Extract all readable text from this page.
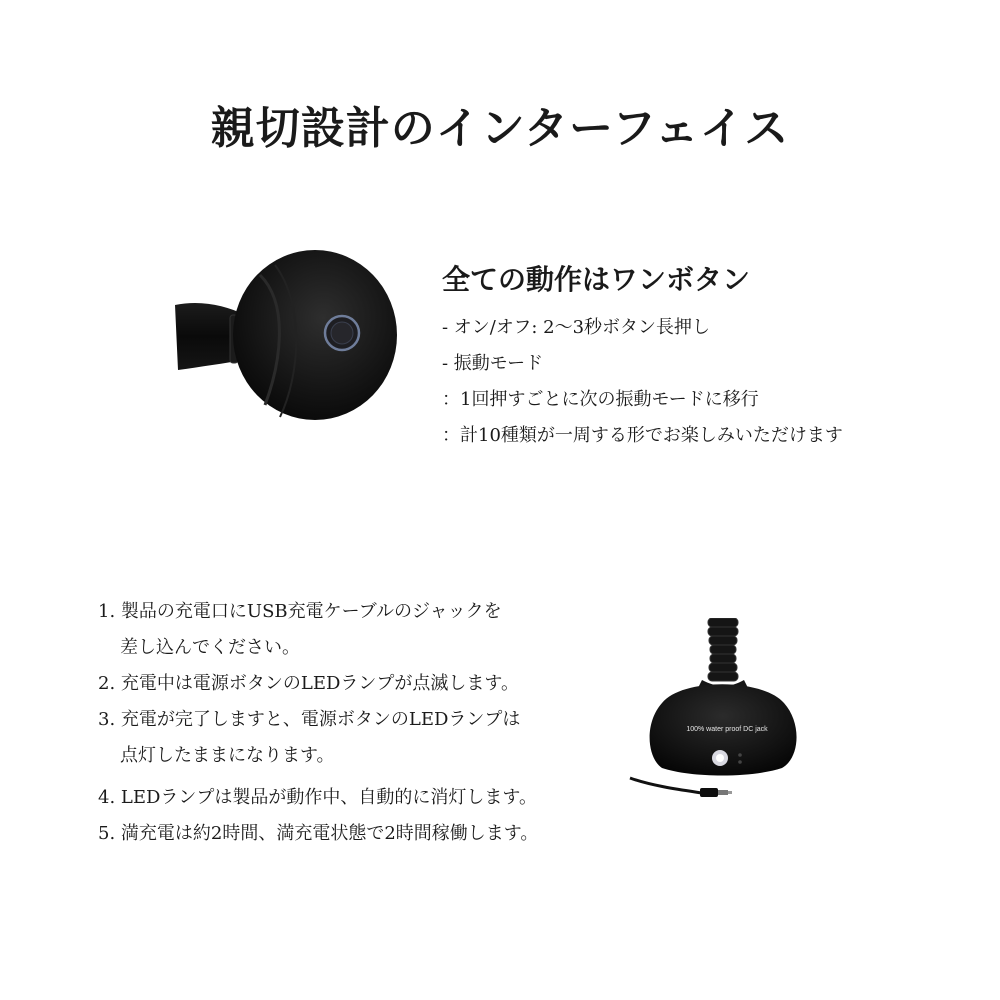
親切設計のインターフェイス
全ての動作はワンボタン
- オン/オフ: 2〜3秒ボタン長押し
- 振動モード
：1回押すごとに次の振動モードに移行
：計10種類が一周する形でお楽しみいただけます
1. 製品の充電口にUSB充電ケーブルのジャックを
差し込んでください。
2. 充電中は電源ボタンのLEDランプが点滅します。
3. 充電が完了しますと、電源ボタンのLEDランプは
点灯したままになります。
4. LEDランプは製品が動作中、自動的に消灯します。
5. 満充電は約2時間、満充電状態で2時間稼働します。
100% water proof DC jack
